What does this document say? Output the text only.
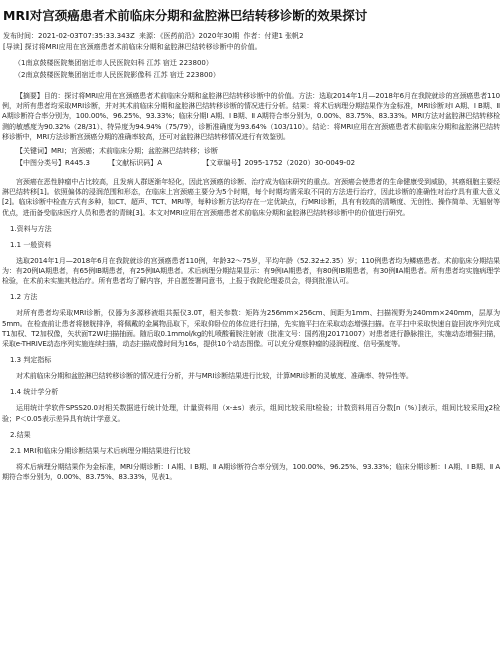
MRI对宫颈癌患者术前临床分期和盆腔淋巴结转移诊断的效果探讨
发布时间：2021-02-03T07:35:33.343Z 来源：《医药前沿》2020年30期 作者：付建1 张帆2
[导读] 探讨将MRI应用在宫颈癌患者术前临床分期和盆腔淋巴结转移诊断中的价值。
（1南京鼓楼医院集团宿迁市人民医院妇科 江苏 宿迁 223800）
（2南京鼓楼医院集团宿迁市人民医院影像科 江苏 宿迁 223800）

【摘要】目的：探讨将MRI应用在宫颈癌患者术前临床分期和盆腔淋巴结转移诊断中的价值。方法：选取2014年1月—2018年6月在我院就诊的宫颈癌患者110例，对所有患者均采取MRI诊断，并对其术前临床分期和盆腔淋巴结转移诊断的情况进行分析。结果：将术后病理分期结果作为金标准，MRI诊断对Ⅰ A期、Ⅰ B期、Ⅱ A期诊断符合率分别为，100.00%、96.25%、93.33%；临床分期Ⅰ A期、Ⅰ B期、Ⅱ A期符合率分别为，0.00%、83.75%、83.33%。MRI方法对盆腔淋巴结转移检测的敏感度为90.32%（28/31）、特异度为94.94%（75/79），诊断准确度为93.64%（103/110）。结论：将MRI应用在宫颈癌患者术前临床分期和盆腔淋巴结转移诊断中，MRI方法诊断宫颈癌分期的准确率较高，还可对盆腔淋巴结转移情况进行有效鉴别。

【关键词】MRI；宫颈癌；术前临床分期；盆腔淋巴结转移；诊断
【中图分类号】R445.3	【文献标识码】A	【文章编号】2095-1752（2020）30-0049-02

宫颈癌在恶性肿瘤中占比较高，且发病人群逐渐年轻化，因此宫颈癌的诊断、治疗成为临床研究的重点。宫颈癌会使患者的生命健康受到威胁，其癌细胞主要经淋巴结转移[1]。依照偏体的浸润范围和形态，在临床上宫颈癌主要分为5个时期，每个时期均需采取不同的方法进行治疗，因此诊断的准确性对治疗具有重大意义[2]。临床诊断中检查方式有多种，如CT、超声、TCT、MRI等，每种诊断方法均存在一定优缺点，行MRI诊断，具有有较高的清晰度、无创性、操作简单、无辐射等优点，进而备受临床医疗人员和患者的青睐[3]。本文对MRI应用在宫颈癌患者术前临床分期和盆腔淋巴结转移诊断中的价值进行研究。

1.资料与方法
1.1 一般资料

选取2014年1月—2018年6月在我院就诊的宫颈癌患者110例，年龄32～75岁，平均年龄（52.32±2.35）岁；110例患者均为鳞癌患者。术前临床分期结果为：有20例ⅠA期患者，有65例ⅠB期患者，有25例ⅡA期患者。术后病理分期结果显示：有9例ⅠA期患者，有80例ⅠB期患者，有30例ⅡA期患者。所有患者均实施病理学检验，在术前未实施其他治疗。所有患者均了解内容，并自愿签署同意书，上报于我院伦理委员会，得到批准认可。

1.2 方法

对所有患者均采取MRI诊断，仪器为多源移液组共振仪3.0T，相关参数：矩阵为256mm×256cm、间距为1mm、扫描视野为240mm×240mm，层厚为5mm。在检查前让患者将膀胱排净，将佩戴的金属物品取下，采取仰卧位的体位进行扫描，先实施平扫在采取动态增强扫描。在平扫中采取快速自旋回波序列完成T1加权、T2加权像，矢状面T2WI扫描抽面。随后取0.1mmol/kg的钆喷酸葡胺注射液（批准文号：国药准J20171007）对患者进行静脉推注，实施动态增强扫描，采取e-THRIVE动态序列实施连续扫描，动态扫描成像时间为16s，提供10个动态图像。可以充分观察肿瘤的浸润程度、信号强度等。

1.3 判定指标

对术前临床分期和盆腔淋巴结转移诊断的情况进行分析，并与MRI诊断结果进行比较，计算MRI诊断的灵敏度、准确率、特异性等。

1.4 统计学分析

运用统计学软件SPSS20.0对相关数据进行统计处理，计量资料用（x-±s）表示，组间比较采用t检验；计数资料用百分数[n（%）]表示，组间比较采用χ2检验；P＜0.05表示差异具有统计学意义。

2.结果
2.1 MRI和临床分期诊断结果与术后病理分期结果进行比较

将术后病理分期结果作为金标准，MRI分期诊断：Ⅰ A期、Ⅰ B期、Ⅱ A期诊断符合率分别为，100.00%、96.25%、93.33%；临床分期诊断：Ⅰ A期、Ⅰ B期、Ⅱ A期符合率分别为，0.00%、83.75%、83.33%，见表1。
